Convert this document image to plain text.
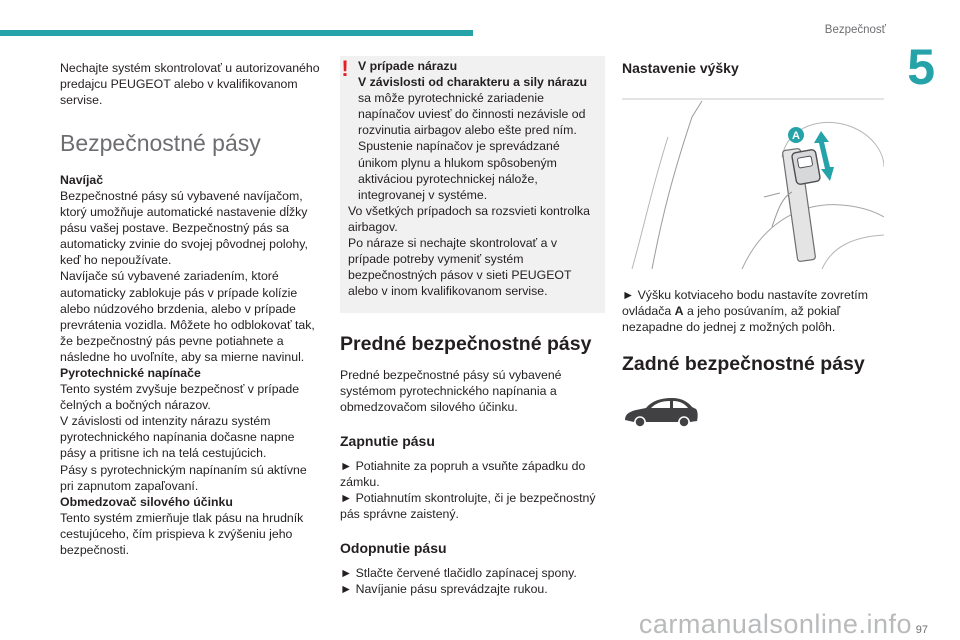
Bezpečnosť
5

Nechajte systém skontrolovať u autorizovaného predajcu PEUGEOT alebo v kvalifikovanom servise.

Bezpečnostné pásy

Navíjač

Bezpečnostné pásy sú vybavené navíjačom, ktorý umožňuje automatické nastavenie dĺžky pásu vašej postave. Bezpečnostný pás sa automaticky zvinie do svojej pôvodnej polohy, keď ho nepoužívate.

Navíjače sú vybavené zariadením, ktoré automaticky zablokuje pás v prípade kolízie alebo núdzového brzdenia, alebo v prípade prevrátenia vozidla. Môžete ho odblokovať tak, že bezpečnostný pás pevne potiahnete a následne ho uvoľníte, aby sa mierne navinul.

Pyrotechnické napínače

Tento systém zvyšuje bezpečnosť v prípade čelných a bočných nárazov.

V závislosti od intenzity nárazu systém pyrotechnického napínania dočasne napne pásy a pritisne ich na telá cestujúcich.

Pásy s pyrotechnickým napínaním sú aktívne pri zapnutom zapaľovaní.

Obmedzovač silového účinku

Tento systém zmierňuje tlak pásu na hrudník cestujúceho, čím prispieva k zvýšeniu jeho bezpečnosti.

! V prípade nárazu

V závislosti od charakteru a sily nárazu sa môže pyrotechnické zariadenie napínačov uviesť do činnosti nezávisle od rozvinutia airbagov alebo ešte pred ním. Spustenie napínačov je sprevádzané únikom plynu a hlukom spôsobeným aktiváciou pyrotechnickej nálože, integrovanej v systéme.

Vo všetkých prípadoch sa rozsvieti kontrolka airbagov.

Po náraze si nechajte skontrolovať a v prípade potreby vymeniť systém bezpečnostných pásov v sieti PEUGEOT alebo v inom kvalifikovanom servise.

Predné bezpečnostné pásy

Predné bezpečnostné pásy sú vybavené systémom pyrotechnického napínania a obmedzovačom silového účinku.

Zapnutie pásu

► Potiahnite za popruh a vsuňte západku do zámku.

► Potiahnutím skontrolujte, či je bezpečnostný pás správne zaistený.

Odopnutie pásu

► Stlačte červené tlačidlo zapínacej spony.

► Navíjanie pásu sprevádzajte rukou.

Nastavenie výšky
A

► Výšku kotviaceho bodu nastavíte zovretím ovládača A a jeho posúvaním, až pokiaľ nezapadne do jednej z možných polôh.

Zadné bezpečnostné pásy
97
carmanualsonline.info
